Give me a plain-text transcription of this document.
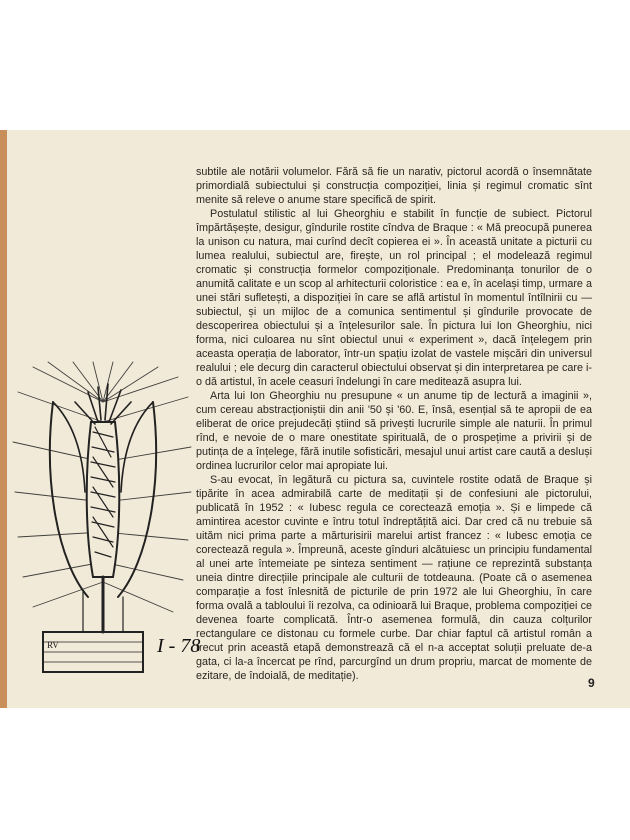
subtile ale notării volumelor. Fără să fie un narativ, pictorul acordă o însemnătate primordială subiectului și construcția compoziției, linia și regimul cromatic sînt menite să releve o anume stare specifică de spirit.

Postulatul stilistic al lui Gheorghiu e stabilit în funcție de subiect. Pictorul împărtășește, desigur, gîndurile rostite cîndva de Braque : « Mă preocupă punerea la unison cu natura, mai curînd decît copierea ei ». În această unitate a picturii cu lumea realului, subiectul are, firește, un rol principal ; el modelează regimul cromatic și construcția formelor compoziționale. Predominanța tonurilor de o anumită calitate e un scop al arhitecturii coloristice : ea e, în același timp, urmare a unei stări sufletești, a dispoziției în care se află artistul în momentul întîlnirii cu —subiectul, și un mijloc de a comunica sentimentul și gîndurile provocate de descoperirea obiectului și a înțelesurilor sale. În pictura lui Ion Gheorghiu, nici forma, nici culoarea nu sînt obiectul unui « experiment », dacă înțelegem prin aceasta operația de laborator, într-un spațiu izolat de vastele mișcări din universul realului ; ele decurg din caracterul obiectului observat și din interpretarea pe care i-o dă artistul, în acele ceasuri îndelungi în care meditează asupra lui.

Arta lui Ion Gheorghiu nu presupune « un anume tip de lectură a imaginii », cum cereau abstracționiștii din anii '50 și '60. E, însă, esențial să te apropii de ea eliberat de orice prejudecăți știind să privești lucrurile simple ale naturii. În primul rînd, e nevoie de o mare onestitate spirituală, de o prospețime a privirii și de putința de a înțelege, fără inutile sofisticări, mesajul unui artist care caută a desluși ordinea lucrurilor celor mai apropiate lui.

S-au evocat, în legătură cu pictura sa, cuvintele rostite odată de Braque și tipărite în acea admirabilă carte de meditații și de confesiuni ale pictorului, publicată în 1952 : « Iubesc regula ce corectează emoția ». Și e limpede că amintirea acestor cuvinte e întru totul îndreptățită aici. Dar cred că nu trebuie să uităm nici prima parte a mărturisirii marelui artist francez : « Iubesc emoția ce corectează regula ». Împreună, aceste gînduri alcătuiesc un principiu fundamental al unei arte întemeiate pe sinteza sentiment — rațiune ce reprezintă substanța uneia dintre direcțiile principale ale culturii de totdeauna. (Poate că o asemenea comparație a fost înlesnită de picturile de prin 1972 ale lui Gheorghiu, în care forma ovală a tabloului îi rezolva, ca odinioară lui Braque, problema compoziției ce devenea foarte complicată. Într-o asemenea formulă, din cauza colțurilor rectangulare ce distonau cu formele curbe. Dar chiar faptul că artistul român a trecut prin această etapă demonstrează că el n-a acceptat soluții preluate de-a gata, ci la-a încercat pe rînd, parcurgînd un drum propriu, marcat de momente de ezitare, de îndoială, de meditație).

RV	I - 78
9
